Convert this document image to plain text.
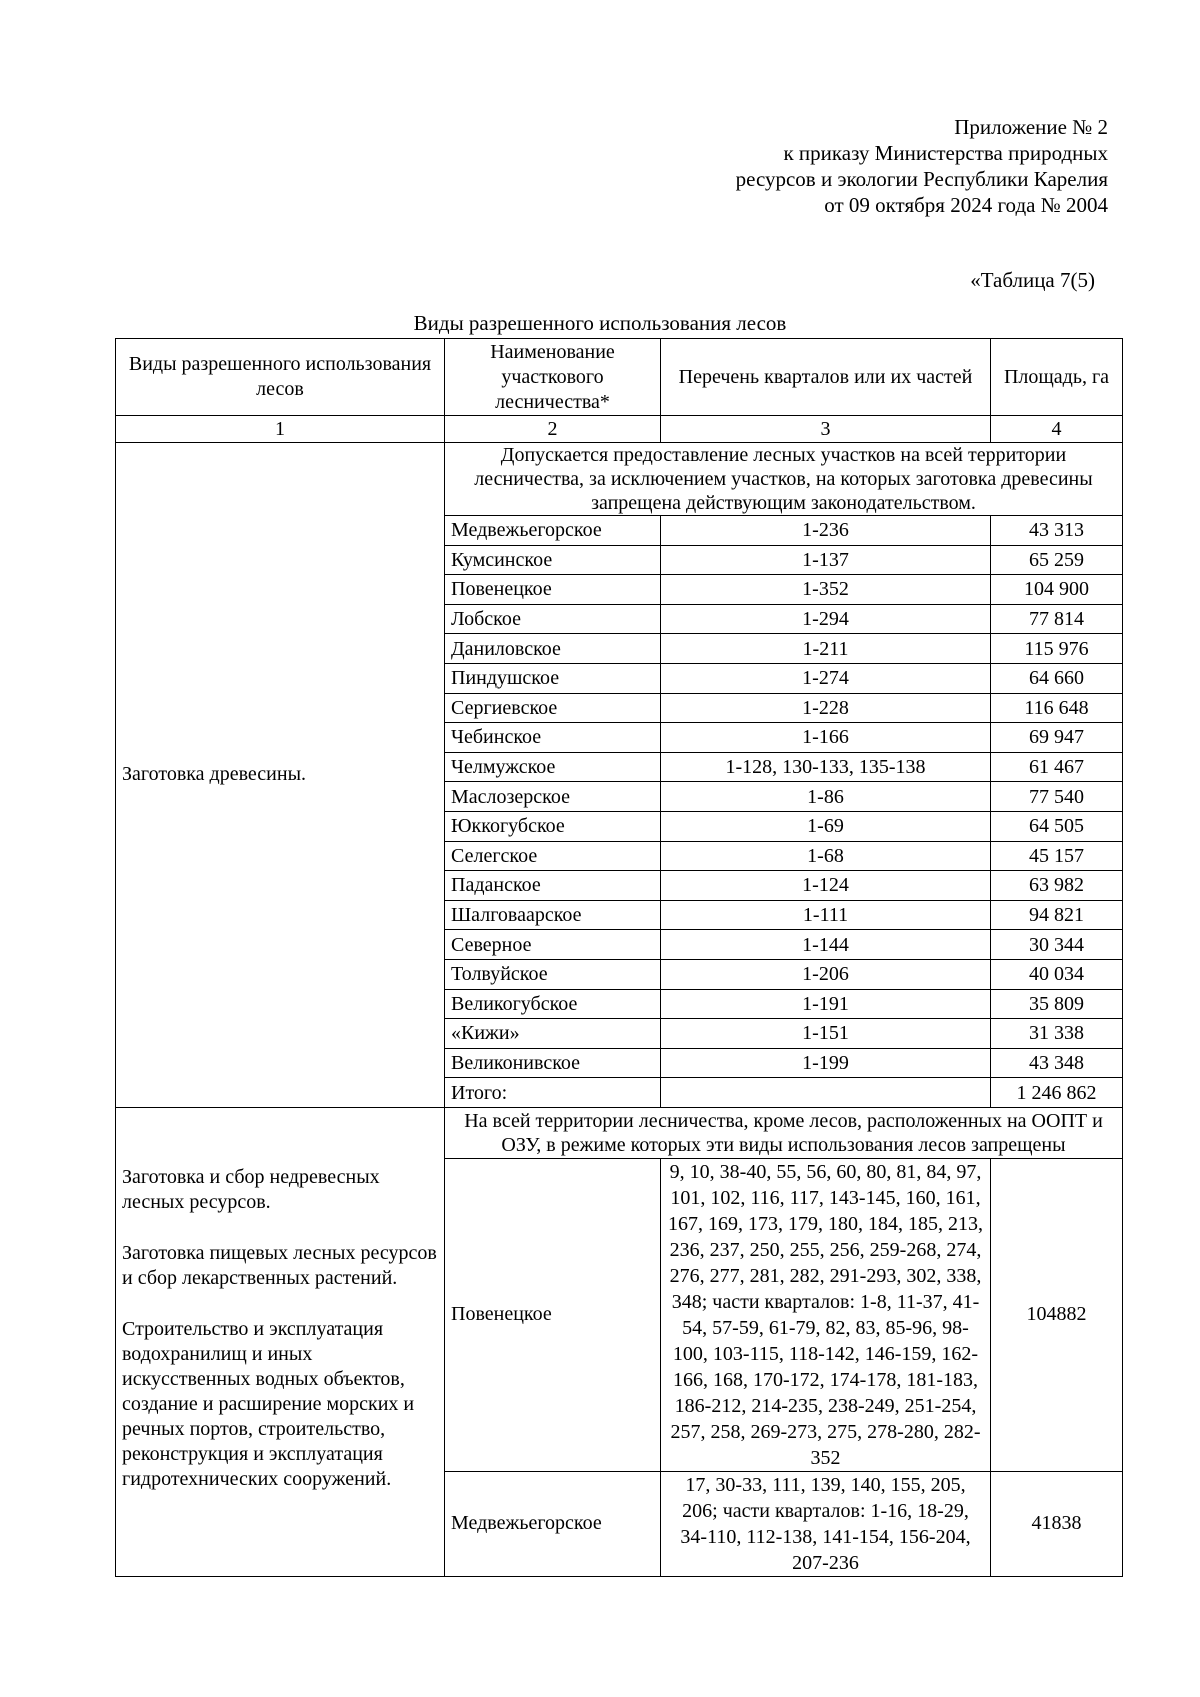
Приложение № 2
к приказу Министерства природных
ресурсов и экологии Республики Карелия
от 09 октября 2024 года № 2004
«Таблица 7(5)
Виды разрешенного использования лесов
Виды разрешенного использования лесов	Наименование участкового лесничества*	Перечень кварталов или их частей	Площадь, га
1	2	3	4
Заготовка древесины.	Допускается предоставление лесных участков на всей территории лесничества, за исключением участков, на которых заготовка древесины запрещена действующим законодательством.		
	Медвежьегорское	1-236	43 313
	Кумсинское	1-137	65 259
	Повенецкое	1-352	104 900
	Лобское	1-294	77 814
	Даниловское	1-211	115 976
	Пиндушское	1-274	64 660
	Сергиевское	1-228	116 648
	Чебинское	1-166	69 947
	Челмужское	1-128, 130-133, 135-138	61 467
	Маслозерское	1-86	77 540
	Юккогубское	1-69	64 505
	Селегское	1-68	45 157
	Паданское	1-124	63 982
	Шалговаарское	1-111	94 821
	Северное	1-144	30 344
	Толвуйское	1-206	40 034
	Великогубское	1-191	35 809
	«Кижи»	1-151	31 338
	Великонивское	1-199	43 348
	Итого:		1 246 862

Заготовка и сбор недревесных лесных ресурсов.

Заготовка пищевых лесных ресурсов и сбор лекарственных растений.

Строительство и эксплуатация водохранилищ и иных искусственных водных объектов, создание и расширение морских и речных портов, строительство, реконструкция и эксплуатация гидротехнических сооружений.	На всей территории лесничества, кроме лесов, расположенных на ООПТ и ОЗУ, в режиме которых эти виды использования лесов запрещены		
	Повенецкое	9, 10, 38-40, 55, 56, 60, 80, 81, 84, 97, 101, 102, 116, 117, 143-145, 160, 161, 167, 169, 173, 179, 180, 184, 185, 213, 236, 237, 250, 255, 256, 259-268, 274, 276, 277, 281, 282, 291-293, 302, 338, 348; части кварталов: 1-8, 11-37, 41-54, 57-59, 61-79, 82, 83, 85-96, 98-100, 103-115, 118-142, 146-159, 162-166, 168, 170-172, 174-178, 181-183, 186-212, 214-235, 238-249, 251-254, 257, 258, 269-273, 275, 278-280, 282-352	104882
	Медвежьегорское	17, 30-33, 111, 139, 140, 155, 205, 206; части кварталов: 1-16, 18-29, 34-110, 112-138, 141-154, 156-204, 207-236	41838
